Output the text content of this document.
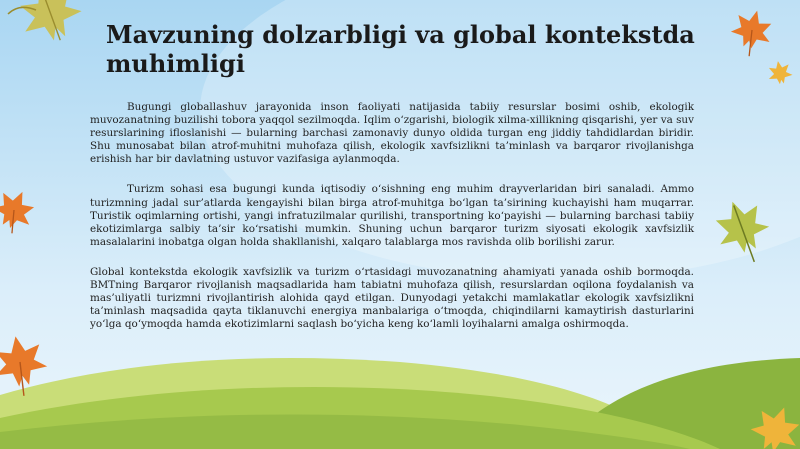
Mavzuning dolzarbligi va global kontekstda muhimligi

Bugungi globallashuv jarayonida inson faoliyati natijasida tabiiy resurslar bosimi oshib, ekologik muvozanatning buzilishi tobora yaqqol sezilmoqda. Iqlim o‘zgarishi, biologik xilma-xillikning qisqarishi, yer va suv resurslarining ifloslanishi — bularning barchasi zamonaviy dunyo oldida turgan eng jiddiy tahdidlardan biridir. Shu munosabat bilan atrof-muhitni muhofaza qilish, ekologik xavfsizlikni ta’minlash va barqaror rivojlanishga erishish har bir davlatning ustuvor vazifasiga aylanmoqda.

Turizm sohasi esa bugungi kunda iqtisodiy o‘sishning eng muhim drayverlaridan biri sanaladi. Ammo turizmning jadal sur’atlarda kengayishi bilan birga atrof-muhitga bo‘lgan ta’sirining kuchayishi ham muqarrar. Turistik oqimlarning ortishi, yangi infratuzilmalar qurilishi, transportning ko‘payishi — bularning barchasi tabiiy ekotizimlarga salbiy ta’sir ko‘rsatishi mumkin. Shuning uchun barqaror turizm siyosati ekologik xavfsizlik masalalarini inobatga olgan holda shakllanishi, xalqaro talablarga mos ravishda olib borilishi zarur.

Global kontekstda ekologik xavfsizlik va turizm o‘rtasidagi muvozanatning ahamiyati yanada oshib bormoqda. BMTning Barqaror rivojlanish maqsadlarida ham tabiatni muhofaza qilish, resurslardan oqilona foydalanish va mas’uliyatli turizmni rivojlantirish alohida qayd etilgan. Dunyodagi yetakchi mamlakatlar ekologik xavfsizlikni ta’minlash maqsadida qayta tiklanuvchi energiya manbalariga o‘tmoqda, chiqindilarni kamaytirish dasturlarini yo‘lga qo‘ymoqda hamda ekotizimlarni saqlash bo‘yicha keng ko‘lamli loyihalarni amalga oshirmoqda.
